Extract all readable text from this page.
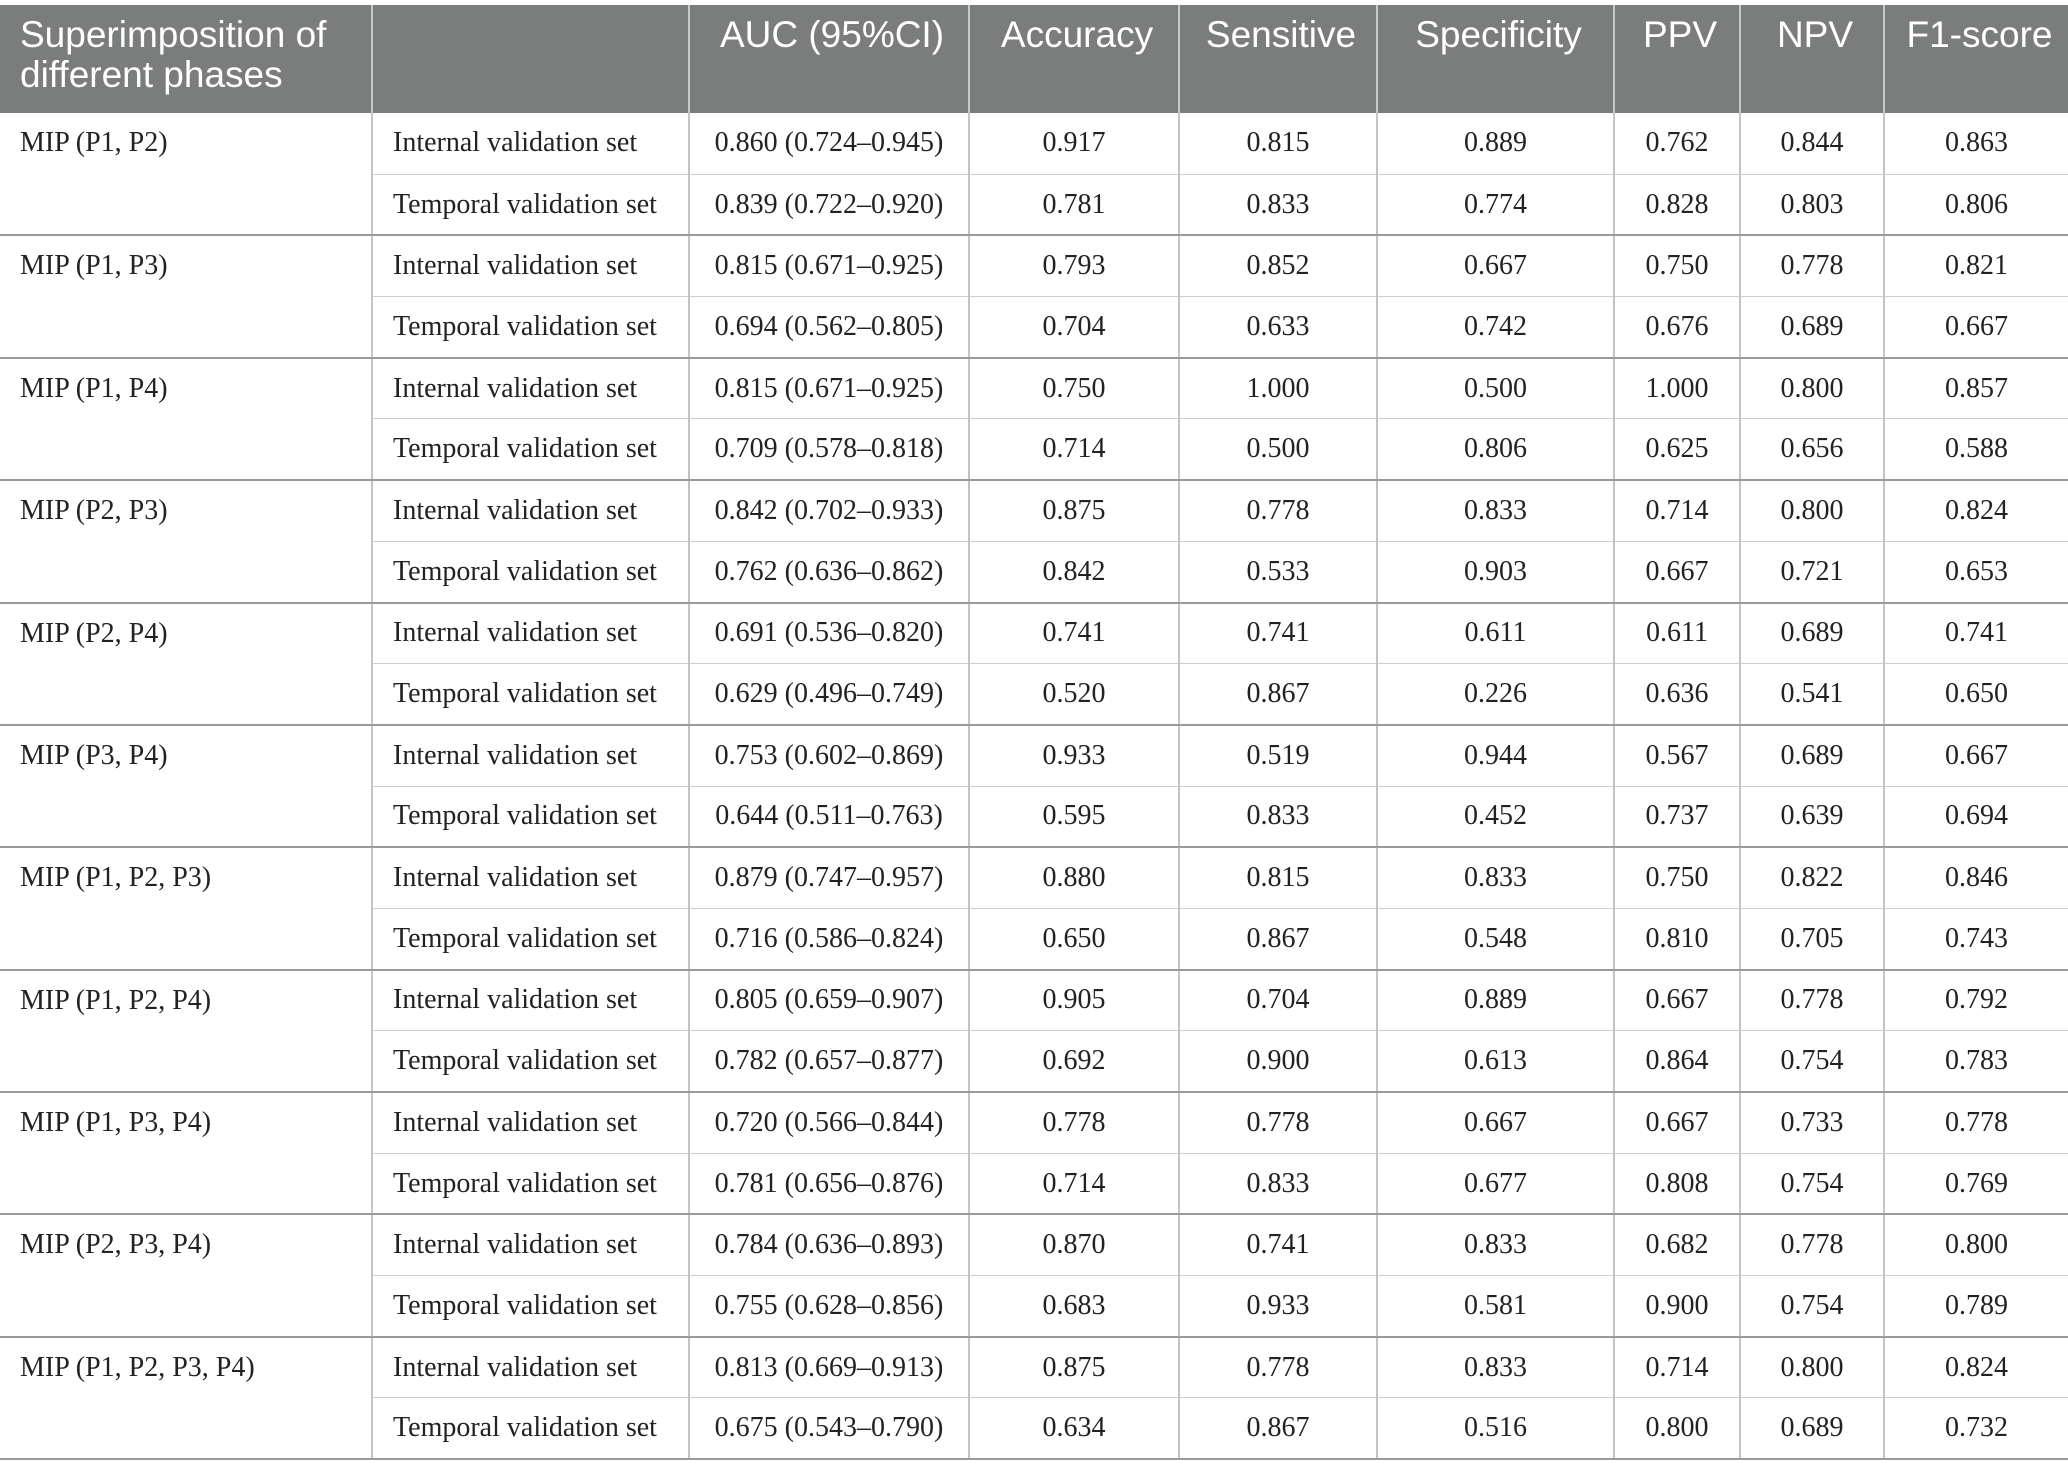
Superimposition of different phases		AUC (95%CI)	Accuracy	Sensitive	Specificity	PPV	NPV	F1-score
MIP (P1, P2)	Internal validation set	0.860 (0.724–0.945)	0.917	0.815	0.889	0.762	0.844	0.863
	Temporal validation set	0.839 (0.722–0.920)	0.781	0.833	0.774	0.828	0.803	0.806
MIP (P1, P3)	Internal validation set	0.815 (0.671–0.925)	0.793	0.852	0.667	0.750	0.778	0.821
	Temporal validation set	0.694 (0.562–0.805)	0.704	0.633	0.742	0.676	0.689	0.667
MIP (P1, P4)	Internal validation set	0.815 (0.671–0.925)	0.750	1.000	0.500	1.000	0.800	0.857
	Temporal validation set	0.709 (0.578–0.818)	0.714	0.500	0.806	0.625	0.656	0.588
MIP (P2, P3)	Internal validation set	0.842 (0.702–0.933)	0.875	0.778	0.833	0.714	0.800	0.824
	Temporal validation set	0.762 (0.636–0.862)	0.842	0.533	0.903	0.667	0.721	0.653
MIP (P2, P4)	Internal validation set	0.691 (0.536–0.820)	0.741	0.741	0.611	0.611	0.689	0.741
	Temporal validation set	0.629 (0.496–0.749)	0.520	0.867	0.226	0.636	0.541	0.650
MIP (P3, P4)	Internal validation set	0.753 (0.602–0.869)	0.933	0.519	0.944	0.567	0.689	0.667
	Temporal validation set	0.644 (0.511–0.763)	0.595	0.833	0.452	0.737	0.639	0.694
MIP (P1, P2, P3)	Internal validation set	0.879 (0.747–0.957)	0.880	0.815	0.833	0.750	0.822	0.846
	Temporal validation set	0.716 (0.586–0.824)	0.650	0.867	0.548	0.810	0.705	0.743
MIP (P1, P2, P4)	Internal validation set	0.805 (0.659–0.907)	0.905	0.704	0.889	0.667	0.778	0.792
	Temporal validation set	0.782 (0.657–0.877)	0.692	0.900	0.613	0.864	0.754	0.783
MIP (P1, P3, P4)	Internal validation set	0.720 (0.566–0.844)	0.778	0.778	0.667	0.667	0.733	0.778
	Temporal validation set	0.781 (0.656–0.876)	0.714	0.833	0.677	0.808	0.754	0.769
MIP (P2, P3, P4)	Internal validation set	0.784 (0.636–0.893)	0.870	0.741	0.833	0.682	0.778	0.800
	Temporal validation set	0.755 (0.628–0.856)	0.683	0.933	0.581	0.900	0.754	0.789
MIP (P1, P2, P3, P4)	Internal validation set	0.813 (0.669–0.913)	0.875	0.778	0.833	0.714	0.800	0.824
	Temporal validation set	0.675 (0.543–0.790)	0.634	0.867	0.516	0.800	0.689	0.732
